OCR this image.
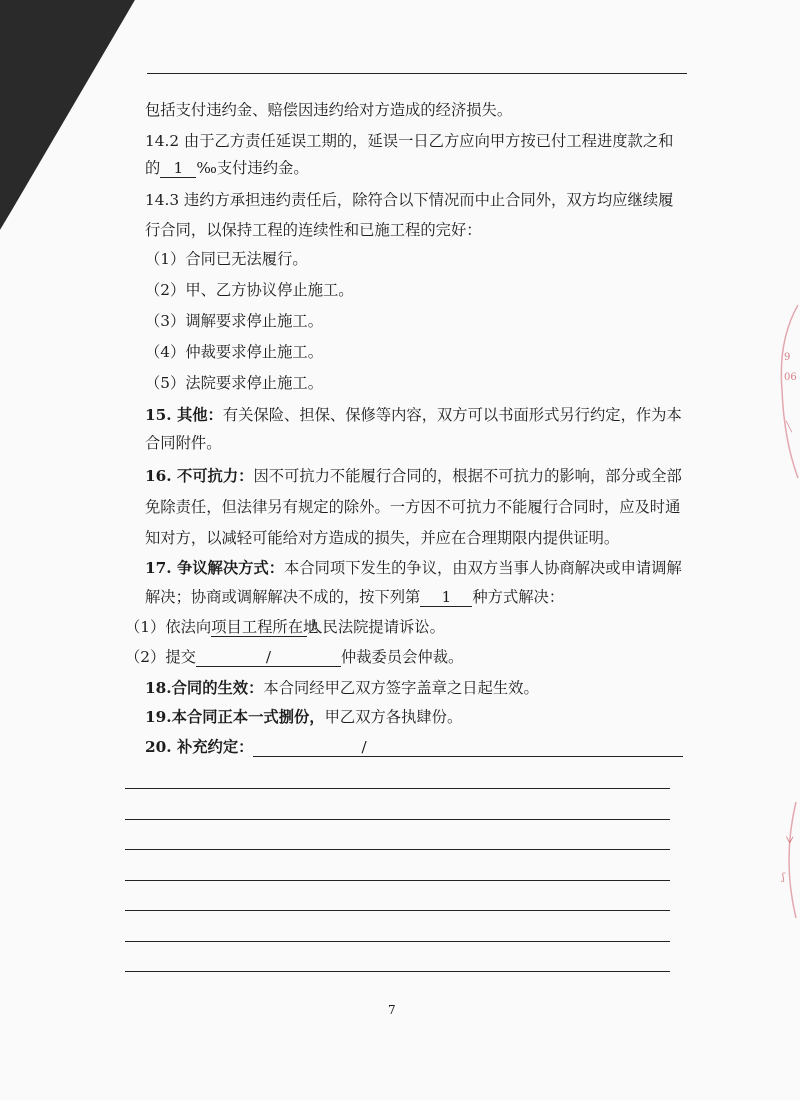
包括支付违约金、赔偿因违约给对方造成的经济损失。
14.2 由于乙方责任延误工期的，延误一日乙方应向甲方按已付工程进度款之和
的 1 ‰支付违约金。
14.3 违约方承担违约责任后，除符合以下情况而中止合同外，双方均应继续履
行合同，以保持工程的连续性和已施工程的完好：
（1）合同已无法履行。
（2）甲、乙方协议停止施工。
（3）调解要求停止施工。
（4）仲裁要求停止施工。
（5）法院要求停止施工。
15. 其他：有关保险、担保、保修等内容，双方可以书面形式另行约定，作为本
合同附件。
16. 不可抗力：因不可抗力不能履行合同的，根据不可抗力的影响，部分或全部
免除责任，但法律另有规定的除外。一方因不可抗力不能履行合同时，应及时通
知对方，以减轻可能给对方造成的损失，并应在合理期限内提供证明。
17. 争议解决方式：本合同项下发生的争议，由双方当事人协商解决或申请调解
解决；协商或调解解决不成的，按下列第 1 种方式解决：
（1）依法向项目工程所在地人民法院提请诉讼。
（2）提交	/	仲裁委员会仲裁。
18.合同的生效：本合同经甲乙双方签字盖章之日起生效。
19.本合同正本一式捌份，甲乙双方各执肆份。
20. 补充约定：	/
7
9
06
╲
ᐳ
ʃ
